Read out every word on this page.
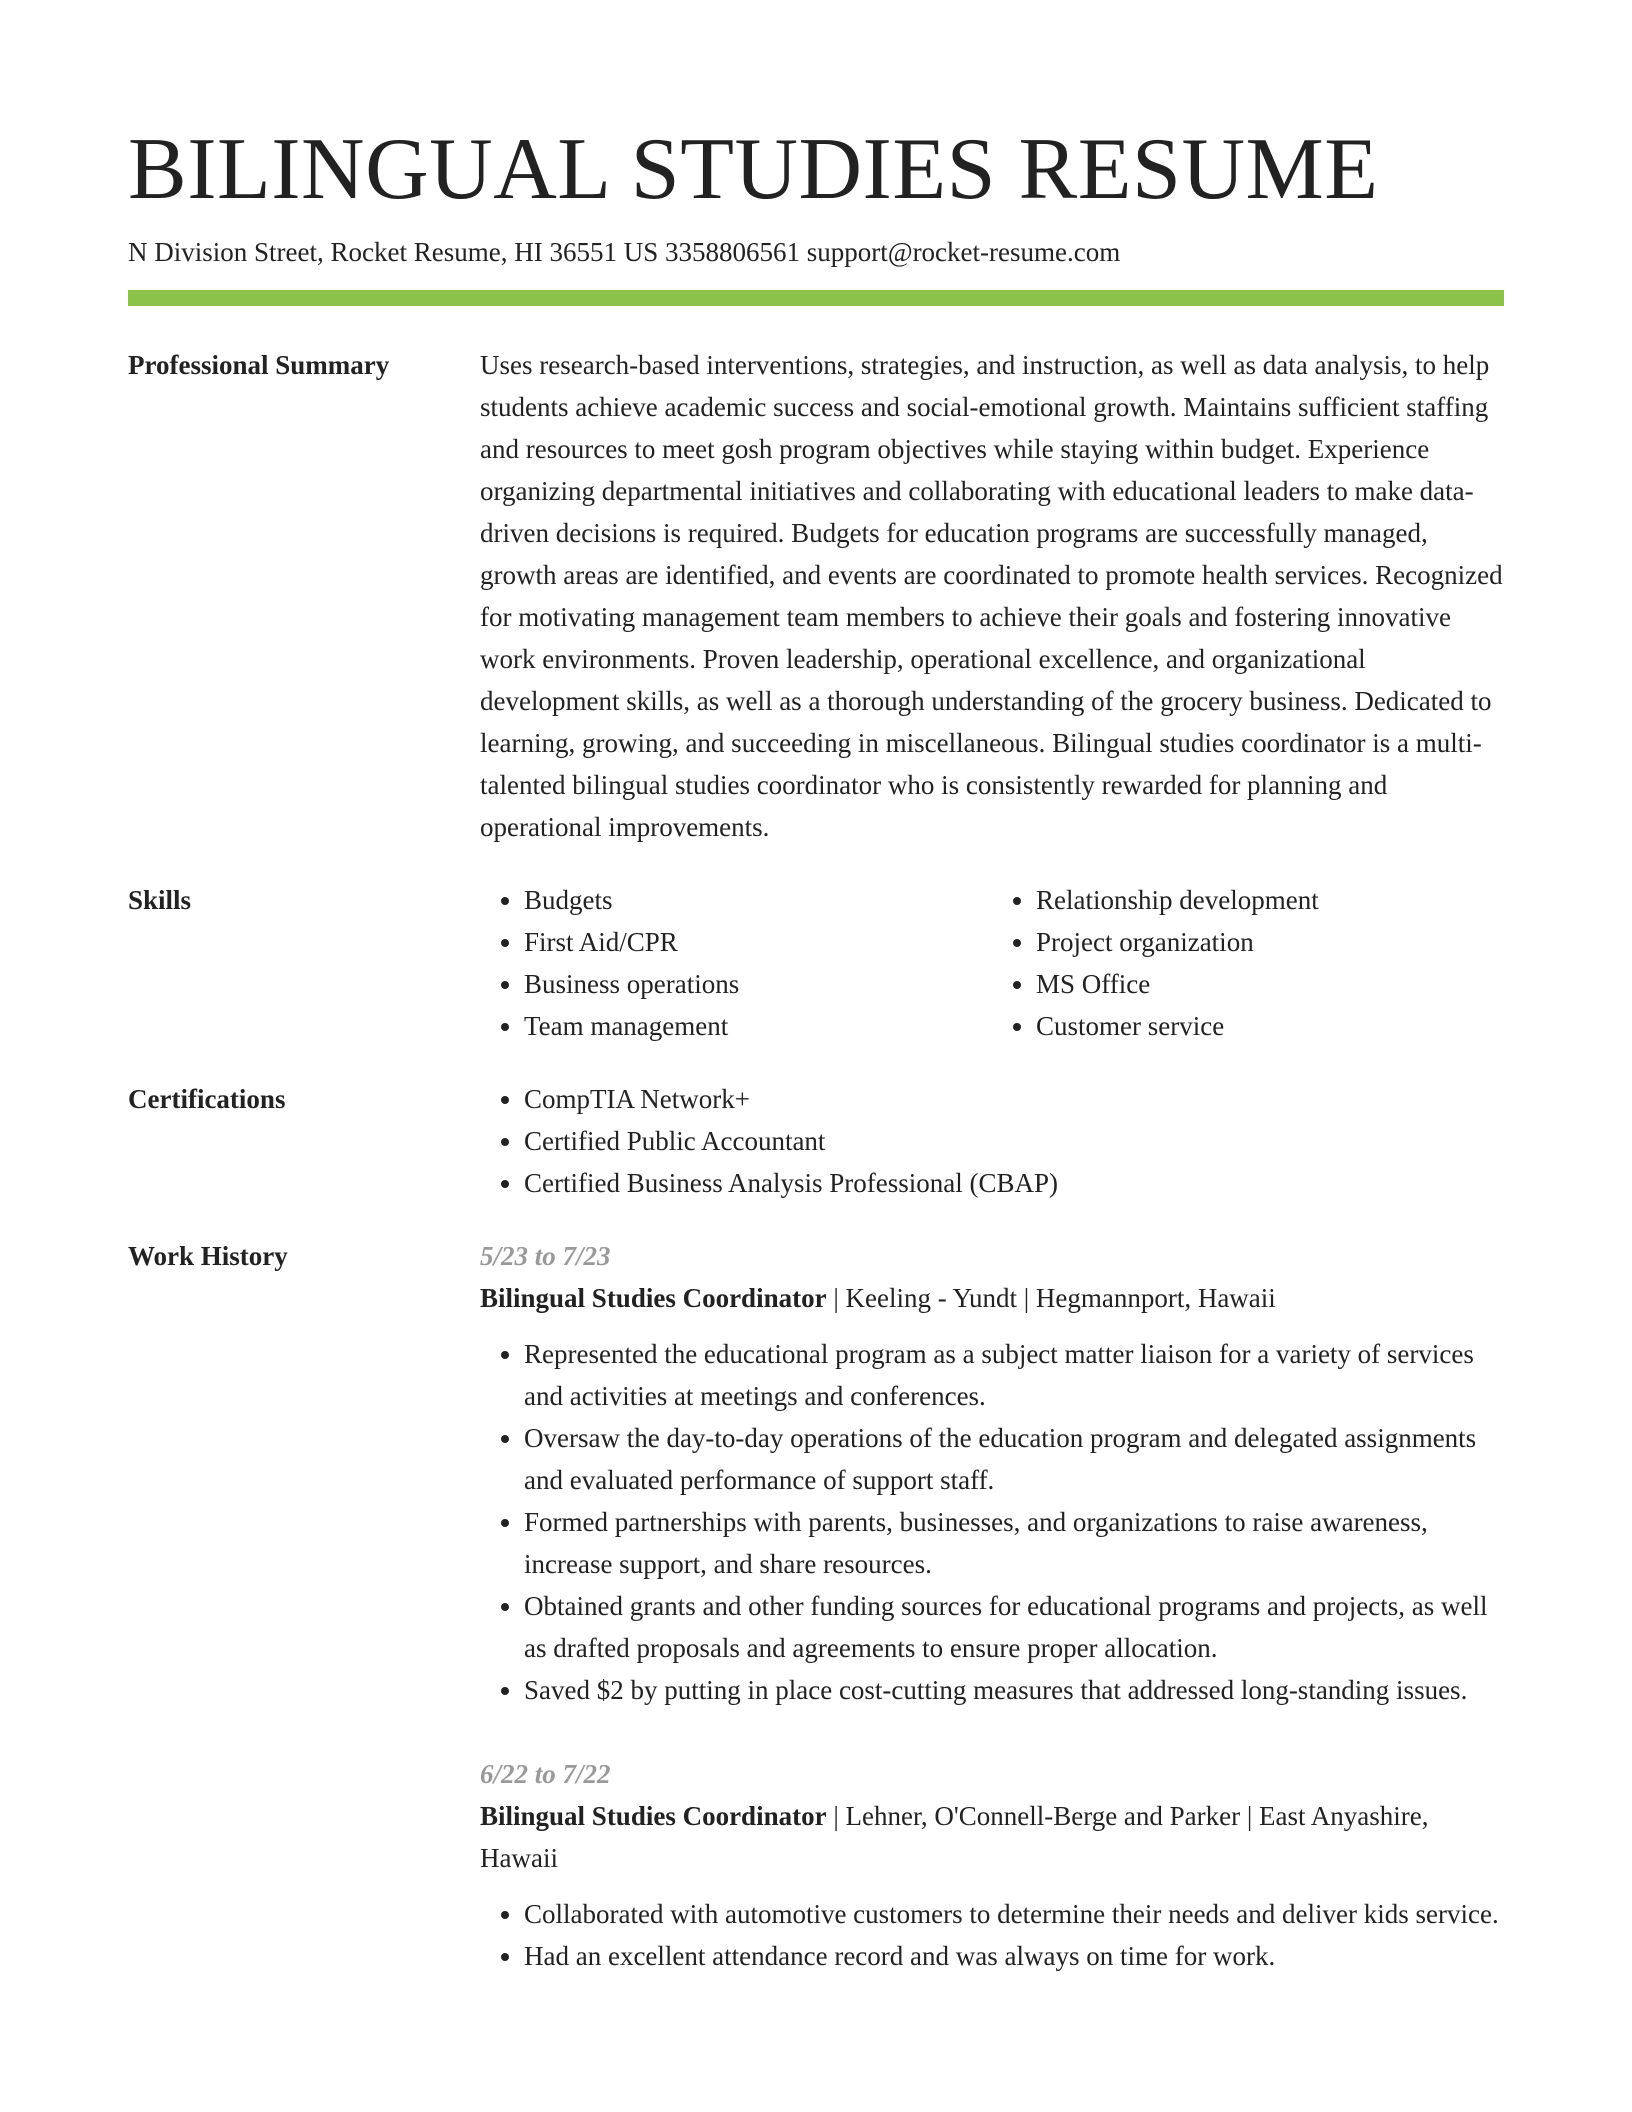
BILINGUAL STUDIES RESUME
N Division Street, Rocket Resume, HI 36551 US 3358806561 support@rocket-resume.com
Professional Summary	Uses research-based interventions, strategies, and instruction, as well as data analysis, to help students achieve academic success and social-emotional growth. Maintains sufficient staffing and resources to meet gosh program objectives while staying within budget. Experience organizing departmental initiatives and collaborating with educational leaders to make data-driven decisions is required. Budgets for education programs are successfully managed, growth areas are identified, and events are coordinated to promote health services. Recognized for motivating management team members to achieve their goals and fostering innovative work environments. Proven leadership, operational excellence, and organizational development skills, as well as a thorough understanding of the grocery business. Dedicated to learning, growing, and succeeding in miscellaneous. Bilingual studies coordinator is a multi-talented bilingual studies coordinator who is consistently rewarded for planning and operational improvements.

Skills	• Budgets
• First Aid/CPR
• Business operations
• Team management
• Relationship development
• Project organization
• MS Office
• Customer service
Certifications	• CompTIA Network+
• Certified Public Accountant
• Certified Business Analysis Professional (CBAP)
Work History	5/23 to 7/23
Bilingual Studies Coordinator | Keeling - Yundt | Hegmannport, Hawaii
• Represented the educational program as a subject matter liaison for a variety of services and activities at meetings and conferences.
• Oversaw the day-to-day operations of the education program and delegated assignments and evaluated performance of support staff.
• Formed partnerships with parents, businesses, and organizations to raise awareness, increase support, and share resources.
• Obtained grants and other funding sources for educational programs and projects, as well as drafted proposals and agreements to ensure proper allocation.
• Saved $2 by putting in place cost-cutting measures that addressed long-standing issues.
6/22 to 7/22
Bilingual Studies Coordinator | Lehner, O'Connell-Berge and Parker | East Anyashire, Hawaii
• Collaborated with automotive customers to determine their needs and deliver kids service.
• Had an excellent attendance record and was always on time for work.
